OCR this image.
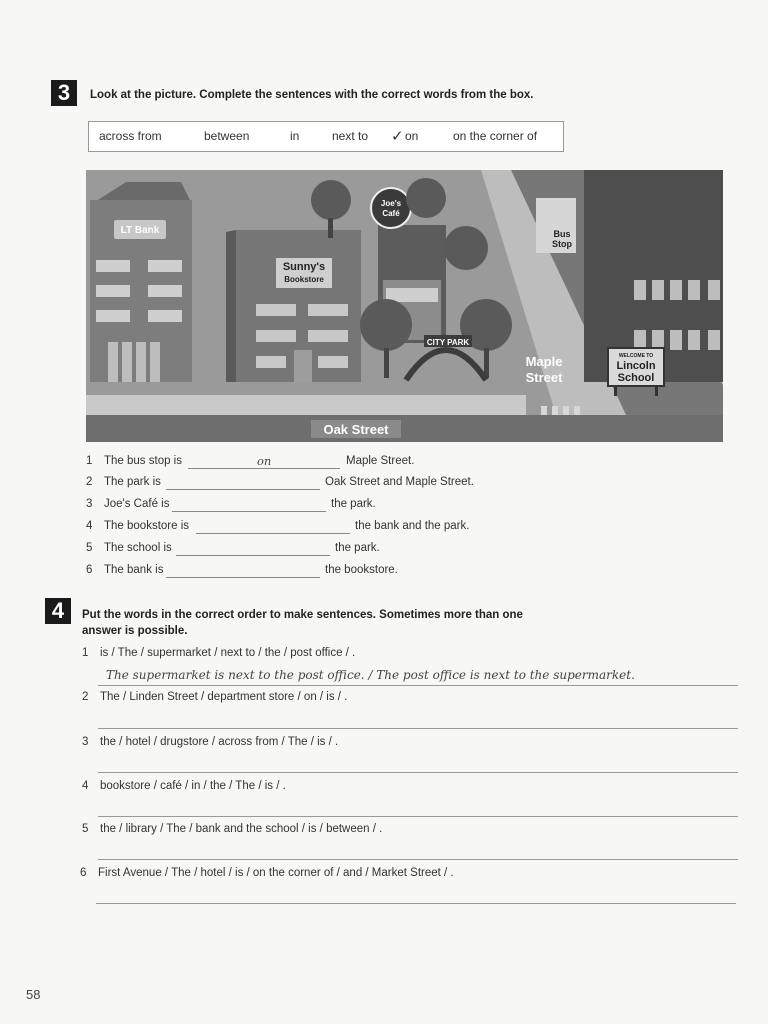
3	Look at the picture. Complete the sentences with the correct words from the box.
across from	between	in	next to ✓ on	on the corner of
LT Bank
Sunny's
Bookstore
Joe's
Café
CITY PARK
Bus
Stop
Maple
Street
WELCOME TO
Lincoln
School
Oak Street
1 The bus stop is	on	Maple Street.
2 The park is	Oak Street and Maple Street.
3 Joe's Café is	the park.
4 The bookstore is	the bank and the park.
5 The school is	the park.
6 The bank is	the bookstore.
4	Put the words in the correct order to make sentences. Sometimes more than one
answer is possible.
1 is / The / supermarket / next to / the / post office / .
The supermarket is next to the post office. / The post office is next to the supermarket.
2 The / Linden Street / department store / on / is / .
3 the / hotel / drugstore / across from / The / is / .
4 bookstore / café / in / the / The / is / .
5 the / library / The / bank and the school / is / between / .
6 First Avenue / The / hotel / is / on the corner of / and / Market Street / .
58
